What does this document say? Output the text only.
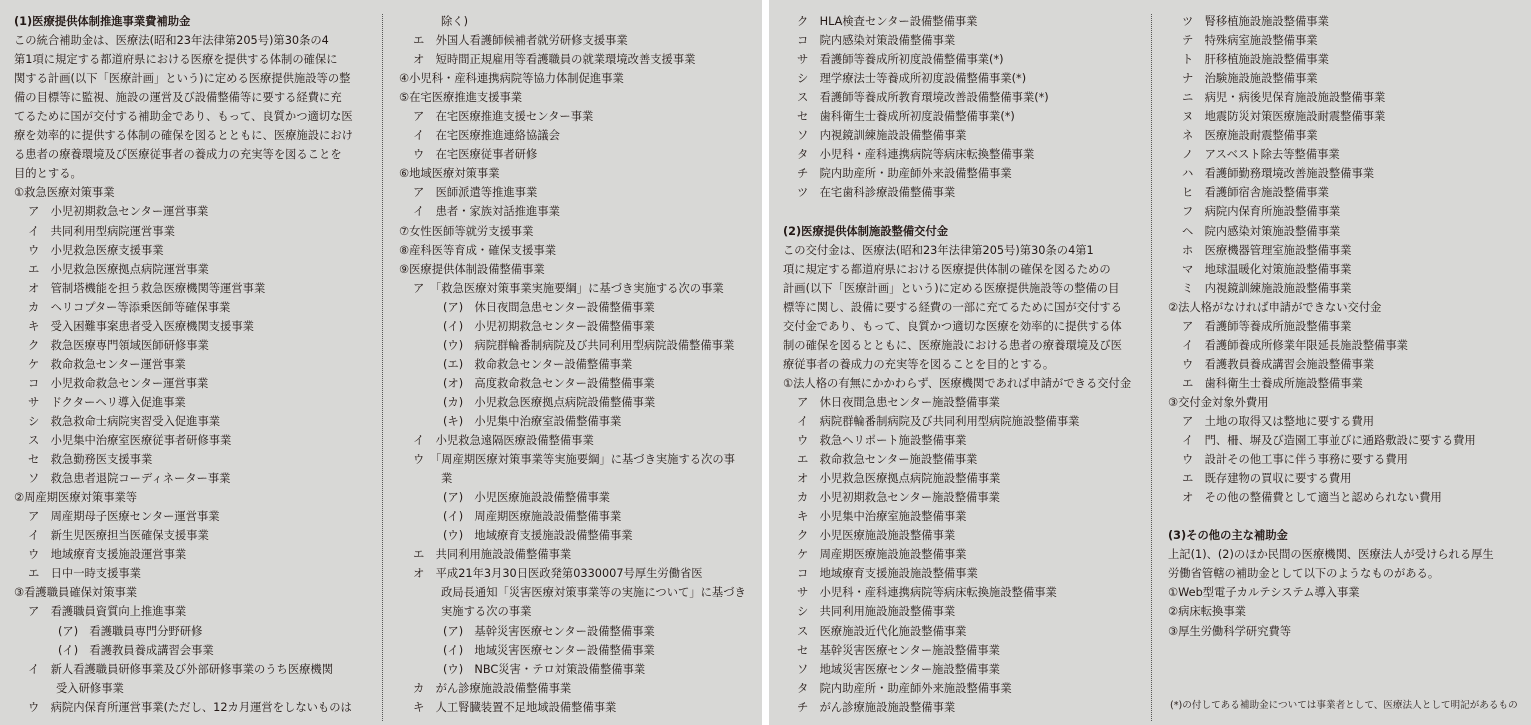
(1)医療提供体制推進事業費補助金
この統合補助金は、医療法(昭和23年法律第205号)第30条の4
第1項に規定する都道府県における医療を提供する体制の確保に
関する計画(以下「医療計画」という)に定める医療提供施設等の整
備の目標等に監視、施設の運営及び設備整備等に要する経費に充
てるために国が交付する補助金であり、もって、良質かつ適切な医
療を効率的に提供する体制の確保を図るとともに、医療施設におけ
る患者の療養環境及び医療従事者の養成力の充実等を図ることを
目的とする。
①救急医療対策事業
ア　小児初期救急センター運営事業
イ　共同利用型病院運営事業
ウ　小児救急医療支援事業
エ　小児救急医療拠点病院運営事業
オ　管制塔機能を担う救急医療機関等運営事業
カ　ヘリコプター等添乗医師等確保事業
キ　受入困難事案患者受入医療機関支援事業
ク　救急医療専門領域医師研修事業
ケ　救命救急センター運営事業
コ　小児救命救急センター運営事業
サ　ドクターヘリ導入促進事業
シ　救急救命士病院実習受入促進事業
ス　小児集中治療室医療従事者研修事業
セ　救急勤務医支援事業
ソ　救急患者退院コーディネーター事業
②周産期医療対策事業等
ア　周産期母子医療センター運営事業
イ　新生児医療担当医確保支援事業
ウ　地域療育支援施設運営事業
エ　日中一時支援事業
③看護職員確保対策事業
ア　看護職員資質向上推進事業
(ア)　看護職員専門分野研修
(イ)　看護教員養成講習会事業
イ　新人看護職員研修事業及び外部研修事業のうち医療機関
受入研修事業
ウ　病院内保育所運営事業(ただし、12カ月運営をしないものは
除く)
エ　外国人看護師候補者就労研修支援事業
オ　短時間正規雇用等看護職員の就業環境改善支援事業
④小児科・産科連携病院等協力体制促進事業
⑤在宅医療推進支援事業
ア　在宅医療推進支援センター事業
イ　在宅医療推進連絡協議会
ウ　在宅医療従事者研修
⑥地域医療対策事業
ア　医師派遣等推進事業
イ　患者・家族対話推進事業
⑦女性医師等就労支援事業
⑧産科医等育成・確保支援事業
⑨医療提供体制設備整備事業
ア　「救急医療対策事業実施要綱」に基づき実施する次の事業
(ア)　休日夜間急患センター設備整備事業
(イ)　小児初期救急センター設備整備事業
(ウ)　病院群輪番制病院及び共同利用型病院設備整備事業
(エ)　救命救急センター設備整備事業
(オ)　高度救命救急センター設備整備事業
(カ)　小児救急医療拠点病院設備整備事業
(キ)　小児集中治療室設備整備事業
イ　小児救急遠隔医療設備整備事業
ウ　「周産期医療対策事業等実施要綱」に基づき実施する次の事
業
(ア)　小児医療施設設備整備事業
(イ)　周産期医療施設設備整備事業
(ウ)　地域療育支援施設設備整備事業
エ　共同利用施設設備整備事業
オ　平成21年3月30日医政発第0330007号厚生労働省医
政局長通知「災害医療対策事業等の実施について」に基づき
実施する次の事業
(ア)　基幹災害医療センター設備整備事業
(イ)　地域災害医療センター設備整備事業
(ウ)　NBC災害・テロ対策設備整備事業
カ　がん診療施設設備整備事業
キ　人工腎臓装置不足地域設備整備事業
ク　HLA検査センター設備整備事業
コ　院内感染対策設備整備事業
サ　看護師等養成所初度設備整備事業(*)
シ　理学療法士等養成所初度設備整備事業(*)
ス　看護師等養成所教育環境改善設備整備事業(*)
セ　歯科衛生士養成所初度設備整備事業(*)
ソ　内視鏡訓練施設設備整備事業
タ　小児科・産科連携病院等病床転換整備事業
チ　院内助産所・助産師外来設備整備事業
ツ　在宅歯科診療設備整備事業
(2)医療提供体制施設整備交付金
この交付金は、医療法(昭和23年法律第205号)第30条の4第1
項に規定する都道府県における医療提供体制の確保を図るための
計画(以下「医療計画」という)に定める医療提供施設等の整備の目
標等に関し、設備に要する経費の一部に充てるために国が交付する
交付金であり、もって、良質かつ適切な医療を効率的に提供する体
制の確保を図るとともに、医療施設における患者の療養環境及び医
療従事者の養成力の充実等を図ることを目的とする。
①法人格の有無にかかわらず、医療機関であれば申請ができる交付金
ア　休日夜間急患センター施設整備事業
イ　病院群輪番制病院及び共同利用型病院施設整備事業
ウ　救急ヘリポート施設整備事業
エ　救命救急センター施設整備事業
オ　小児救急医療拠点病院施設整備事業
カ　小児初期救急センター施設整備事業
キ　小児集中治療室施設整備事業
ク　小児医療施設施設整備事業
ケ　周産期医療施設施設整備事業
コ　地域療育支援施設施設整備事業
サ　小児科・産科連携病院等病床転換施設整備事業
シ　共同利用施設施設整備事業
ス　医療施設近代化施設整備事業
セ　基幹災害医療センター施設整備事業
ソ　地域災害医療センター施設整備事業
タ　院内助産所・助産師外来施設整備事業
チ　がん診療施設施設整備事業
ツ　腎移植施設施設整備事業
テ　特殊病室施設整備事業
ト　肝移植施設施設整備事業
ナ　治験施設施設整備事業
ニ　病児・病後児保育施設施設整備事業
ヌ　地震防災対策医療施設耐震整備事業
ネ　医療施設耐震整備事業
ノ　アスベスト除去等整備事業
ハ　看護師勤務環境改善施設整備事業
ヒ　看護師宿舎施設整備事業
フ　病院内保育所施設整備事業
ヘ　院内感染対策施設整備事業
ホ　医療機器管理室施設整備事業
マ　地球温暖化対策施設整備事業
ミ　内視鏡訓練施設施設整備事業
②法人格がなければ申請ができない交付金
ア　看護師等養成所施設整備事業
イ　看護師養成所修業年限延長施設整備事業
ウ　看護教員養成講習会施設整備事業
エ　歯科衛生士養成所施設整備事業
③交付金対象外費用
ア　土地の取得又は整地に要する費用
イ　門、柵、塀及び造園工事並びに通路敷設に要する費用
ウ　設計その他工事に伴う事務に要する費用
エ　既存建物の買収に要する費用
オ　その他の整備費として適当と認められない費用
(3)その他の主な補助金
上記(1)、(2)のほか民間の医療機関、医療法人が受けられる厚生
労働省管轄の補助金として以下のようなものがある。
①Web型電子カルテシステム導入事業
②病床転換事業
③厚生労働科学研究費等
(*)の付してある補助金については事業者として、医療法人として明記があるもの
